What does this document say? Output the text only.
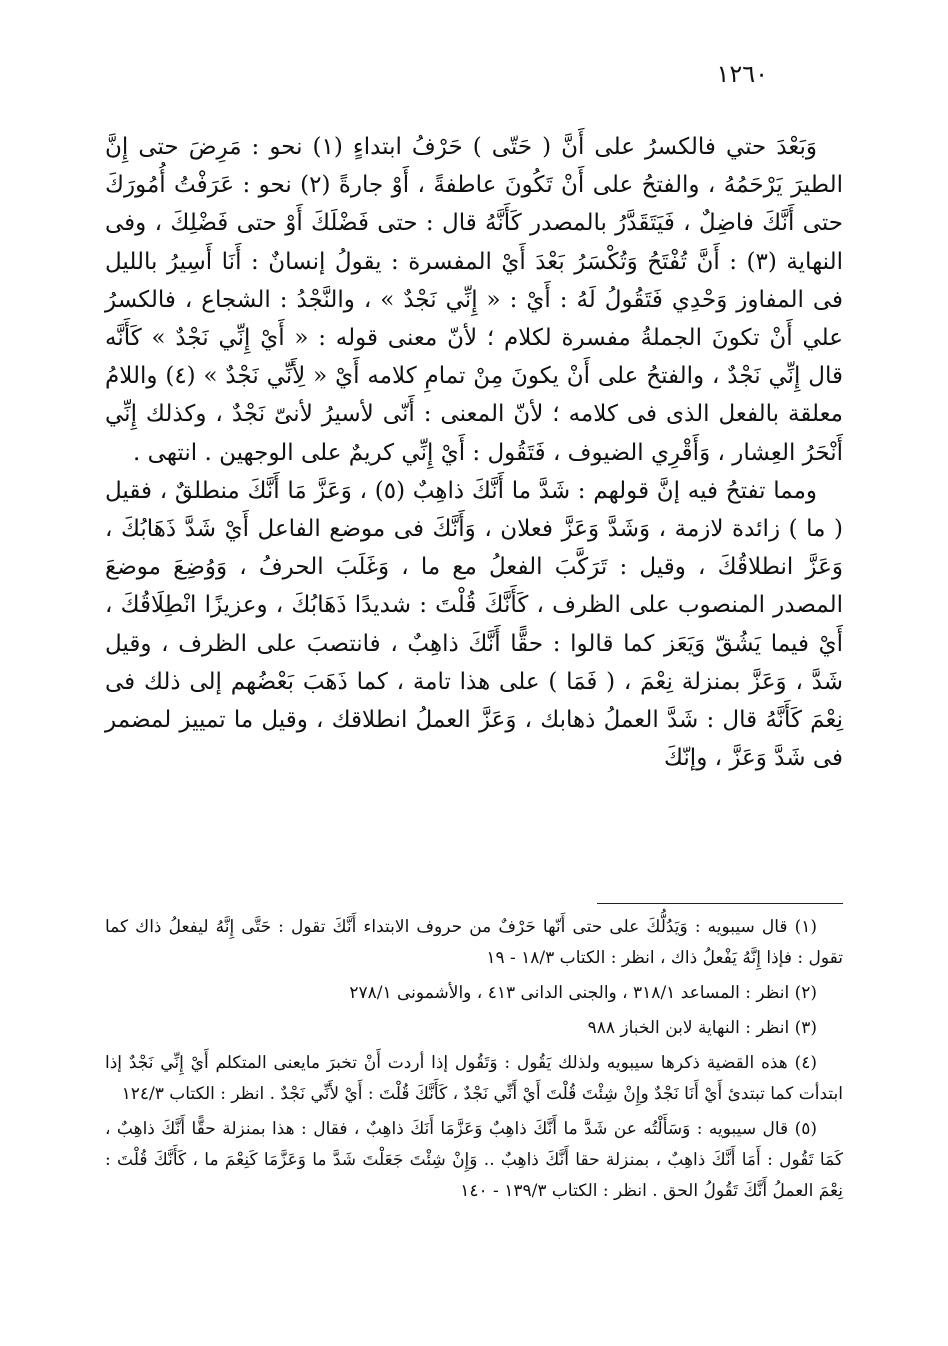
١٢٦٠

وَبَعْدَ حتي فالكسرُ على أَنَّ ( حَتّى ) حَرْفُ ابتداءٍ (١) نحو : مَرِضَ حتى إِنَّ الطيرَ يَرْحَمُهُ ، والفتحُ على أَنْ تَكُونَ عاطفةً ، أَوْ جارةً (٢) نحو : عَرَفْتُ أُمُورَكَ حتى أَنَّكَ فاضِلٌ ، فَيَتَقَدَّرُ بالمصدر كَأَنَّهُ قال : حتى فَضْلَكَ أَوْ حتى فَضْلِكَ ، وفى النهاية (٣) : أَنَّ تُفْتَحُ وَتُكْسَرُ بَعْدَ أَيْ المفسرة : يقولُ إنسانٌ : أَنَا أَسِيرُ بالليل فى المفاوز وَحْدِي فَتَقُولُ لَهُ : أَيْ : « إِنِّي نَجْدٌ » ، والنَّجْدُ : الشجاع ، فالكسرُ علي أَنْ تكونَ الجملةُ مفسرة لكلام ؛ لأنّ معنى قوله : « أَيْ إِنِّي نَجْدٌ » كَأَنَّه قال إِنِّي نَجْدٌ ، والفتحُ على أَنْ يكونَ مِنْ تمامِ كلامه أَيْ « لِأَنِّي نَجْدٌ » (٤) واللامُ معلقة بالفعل الذى فى كلامه ؛ لأنّ المعنى : أَنّى لأسيرُ لأنىّ نَجْدٌ ، وكذلك إِنِّي أَنْحَرُ العِشار ، وَأَقْرِي الضيوف ، فَتَقُول : أَيْ إِنِّي كريمٌ على الوجهين . انتهى .

ومما تفتحُ فيه إنَّ قولهم : شَدَّ ما أَنَّكَ ذاهِبٌ (٥) ، وَعَزَّ مَا أَنَّكَ منطلقٌ ، فقيل ( ما ) زائدة لازمة ، وَشَدَّ وَعَزَّ فعلان ، وَأَنَّكَ فى موضع الفاعل أَيْ شَدَّ ذَهَابُكَ ، وَعَزَّ انطلاقُكَ ، وقيل : تَرَكَّبَ الفعلُ مع ما ، وَغَلَبَ الحرفُ ، وَوُضِعَ موضعَ المصدر المنصوب على الظرف ، كَأَنَّكَ قُلْتَ : شديدًا ذَهَابُكَ ، وعزيزًا انْطِلَاقُكَ ، أَيْ فيما يَشُقّ وَيَعَز كما قالوا : حقًّا أَنَّكَ ذاهِبٌ ، فانتصبَ على الظرف ، وقيل شَدَّ ، وَعَزَّ بمنزلة نِعْمَ ، ( فَمَا ) على هذا تامة ، كما ذَهَبَ بَعْضُهم إلى ذلك فى نِعْمَ كَأَنَّهُ قال : شَدَّ العملُ ذهابك ، وَعَزَّ العملُ انطلاقك ، وقيل ما تمييز لمضمر فى شَدَّ وَعَزَّ ، وإنّكَ

(١) قال سيبويه : وَيَدُلُّكَ على حتى أَنّها حَرْفٌ من حروف الابتداء أَنَّكَ تقول : حَتَّى إِنَّهُ ليفعلُ ذاك كما تقول : فإذا إِنَّهُ يَفْعلُ ذاك ، انظر : الكتاب ١٨/٣ - ١٩

(٢) انظر : المساعد ٣١٨/١ ، والجنى الدانى ٤١٣ ، والأشمونى ٢٧٨/١

(٣) انظر : النهاية لابن الخباز ٩٨٨

(٤) هذه القضية ذكرها سيبويه ولذلك يَقُول : وَتَقُول إذا أردت أَنْ تخبرَ مايعنى المتكلم أَيْ إِنِّي نَجْدٌ إذا ابتدأت كما تبتدئ أَيْ أَنَا نَجْدٌ وإِنْ شِئْتَ قُلْتَ أَيْ أَنِّي نَجْدٌ ، كَأَنَّكَ قُلْتَ : أَيْ لأَنِّي نَجْدٌ . انظر : الكتاب ١٢٤/٣

(٥) قال سيبويه : وَسَأَلْتُه عن شَدَّ ما أَنَّكَ ذاهِبٌ وَعَزَّمَا أَنَكَ ذاهِبٌ ، فقال : هذا بمنزلة حقًّا أَنَّكَ ذاهِبٌ ، كَمَا تَقُول : أَمَا أَنَّكَ ذاهِبٌ ، بمنزلة حقا أَنَّكَ ذاهِبٌ .. وَإِنْ شِئْتَ جَعَلْتَ شَدَّ ما وَعَزَّمَا كَنِعْمَ ما ، كَأَنَّكَ قُلْتَ : نِعْمَ العملُ أَنَّكَ تَقُولُ الحق . انظر : الكتاب ١٣٩/٣ - ١٤٠
